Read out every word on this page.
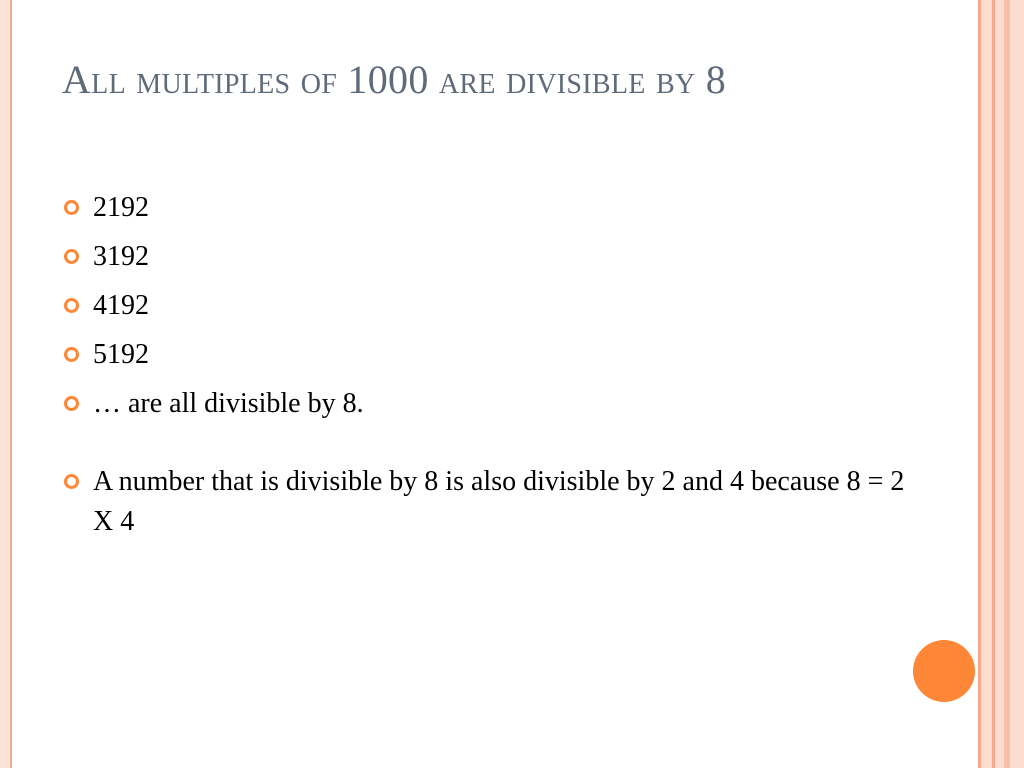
All multiples of 1000 are divisible by 8
2192
3192
4192
5192
… are all divisible by 8.
A number that is divisible by 8 is also divisible by 2 and 4 because 8 = 2 X 4
